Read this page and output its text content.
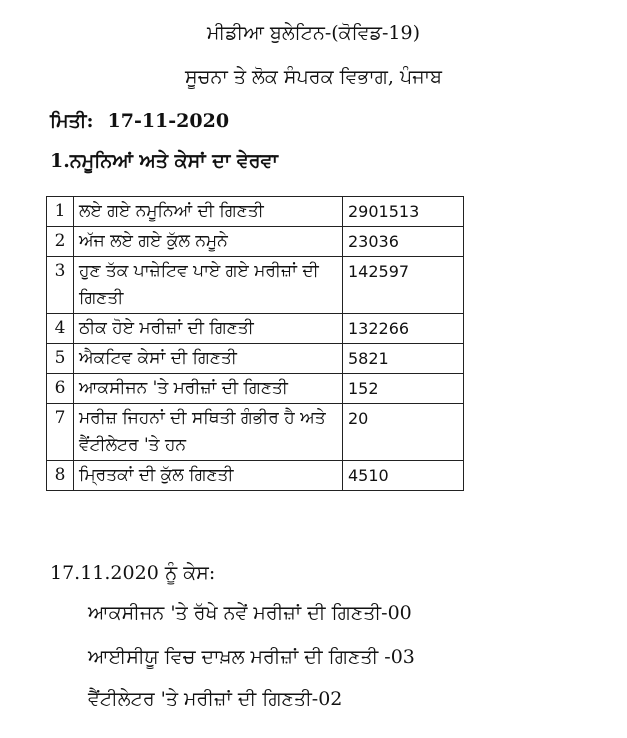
ਮੀਡੀਆ ਬੁਲੇਟਿਨ-(ਕੋਵਿਡ-19)
ਸੂਚਨਾ ਤੇ ਲੋਕ ਸੰਪਰਕ ਵਿਭਾਗ, ਪੰਜਾਬ
ਮਿਤੀ: 17-11-2020
1.ਨਮੂਨਿਆਂ ਅਤੇ ਕੇਸਾਂ ਦਾ ਵੇਰਵਾ
1	ਲਏ ਗਏ ਨਮੂਨਿਆਂ ਦੀ ਗਿਣਤੀ	2901513
2	ਅੱਜ ਲਏ ਗਏ ਕੁੱਲ ਨਮੂਨੇ	23036
3	ਹੁਣ ਤੱਕ ਪਾਜ਼ੇਟਿਵ ਪਾਏ ਗਏ ਮਰੀਜ਼ਾਂ ਦੀ ਗਿਣਤੀ	142597
4	ਠੀਕ ਹੋਏ ਮਰੀਜ਼ਾਂ ਦੀ ਗਿਣਤੀ	132266
5	ਐਕਟਿਵ ਕੇਸਾਂ ਦੀ ਗਿਣਤੀ	5821
6	ਆਕਸੀਜਨ 'ਤੇ ਮਰੀਜ਼ਾਂ ਦੀ ਗਿਣਤੀ	152
7	ਮਰੀਜ਼ ਜਿਹਨਾਂ ਦੀ ਸਥਿਤੀ ਗੰਭੀਰ ਹੈ ਅਤੇ ਵੈਂਟੀਲੇਟਰ 'ਤੇ ਹਨ	20
8	ਮ੍ਰਿਤਕਾਂ ਦੀ ਕੁੱਲ ਗਿਣਤੀ	4510
17.11.2020 ਨੂੰ ਕੇਸ:
ਆਕਸੀਜਨ 'ਤੇ ਰੱਖੇ ਨਵੇਂ ਮਰੀਜ਼ਾਂ ਦੀ ਗਿਣਤੀ-00
ਆਈਸੀਯੂ ਵਿਚ ਦਾਖ਼ਲ ਮਰੀਜ਼ਾਂ ਦੀ ਗਿਣਤੀ -03
ਵੈਂਟੀਲੇਟਰ 'ਤੇ ਮਰੀਜ਼ਾਂ ਦੀ ਗਿਣਤੀ-02
